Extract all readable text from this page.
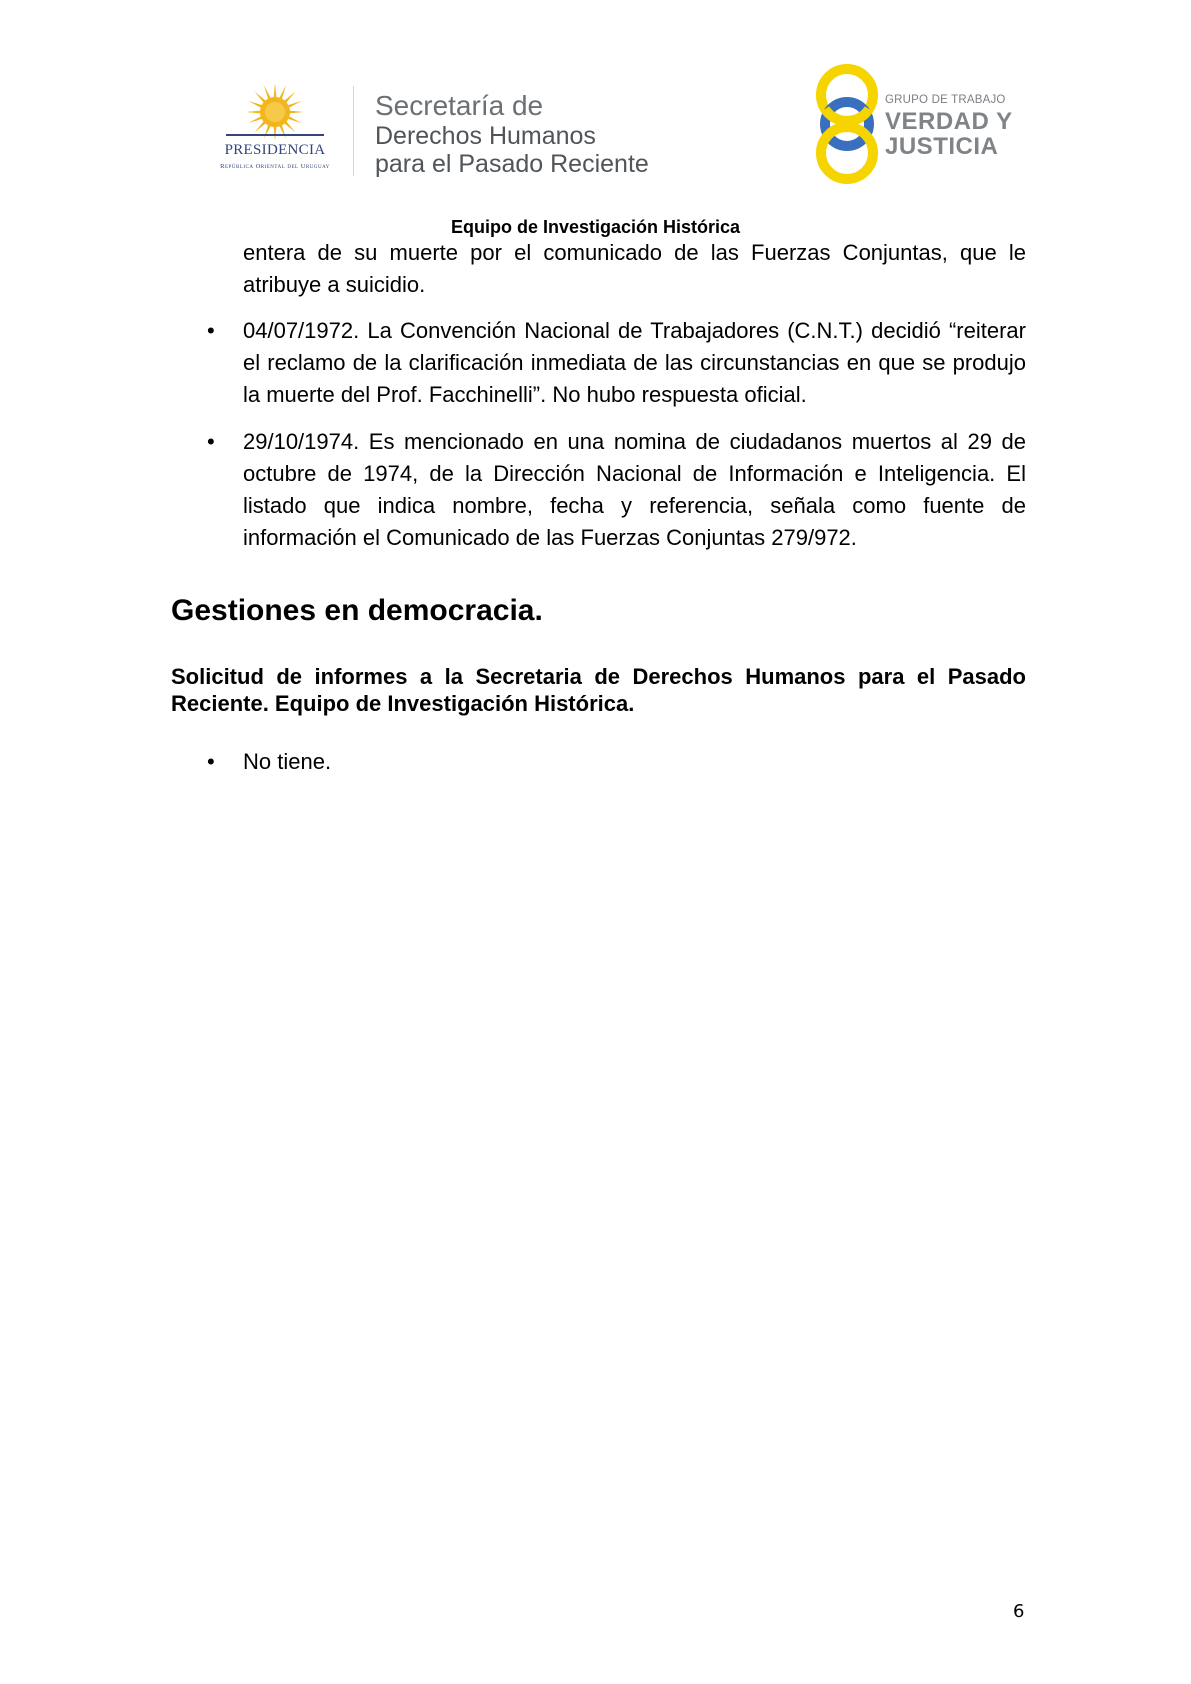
PRESIDENCIA
República Oriental del Uruguay
Secretaría de
Derechos Humanos
para el Pasado Reciente
GRUPO DE TRABAJO
VERDAD Y
JUSTICIA
Equipo de Investigación Histórica

entera de su muerte por el comunicado de las Fuerzas Conjuntas, que le atribuye a suicidio.

• 04/07/1972. La Convención Nacional de Trabajadores (C.N.T.) decidió “reiterar el reclamo de la clarificación inmediata de las circunstancias en que se produjo la muerte del Prof. Facchinelli”. No hubo respuesta oficial.
• 29/10/1974. Es mencionado en una nomina de ciudadanos muertos al 29 de octubre de 1974, de la Dirección Nacional de Información e Inteligencia. El listado que indica nombre, fecha y referencia, señala como fuente de información el Comunicado de las Fuerzas Conjuntas 279/972.
Gestiones en democracia.

Solicitud de informes a la Secretaria de Derechos Humanos para el Pasado Reciente. Equipo de Investigación Histórica.

• No tiene.
6
